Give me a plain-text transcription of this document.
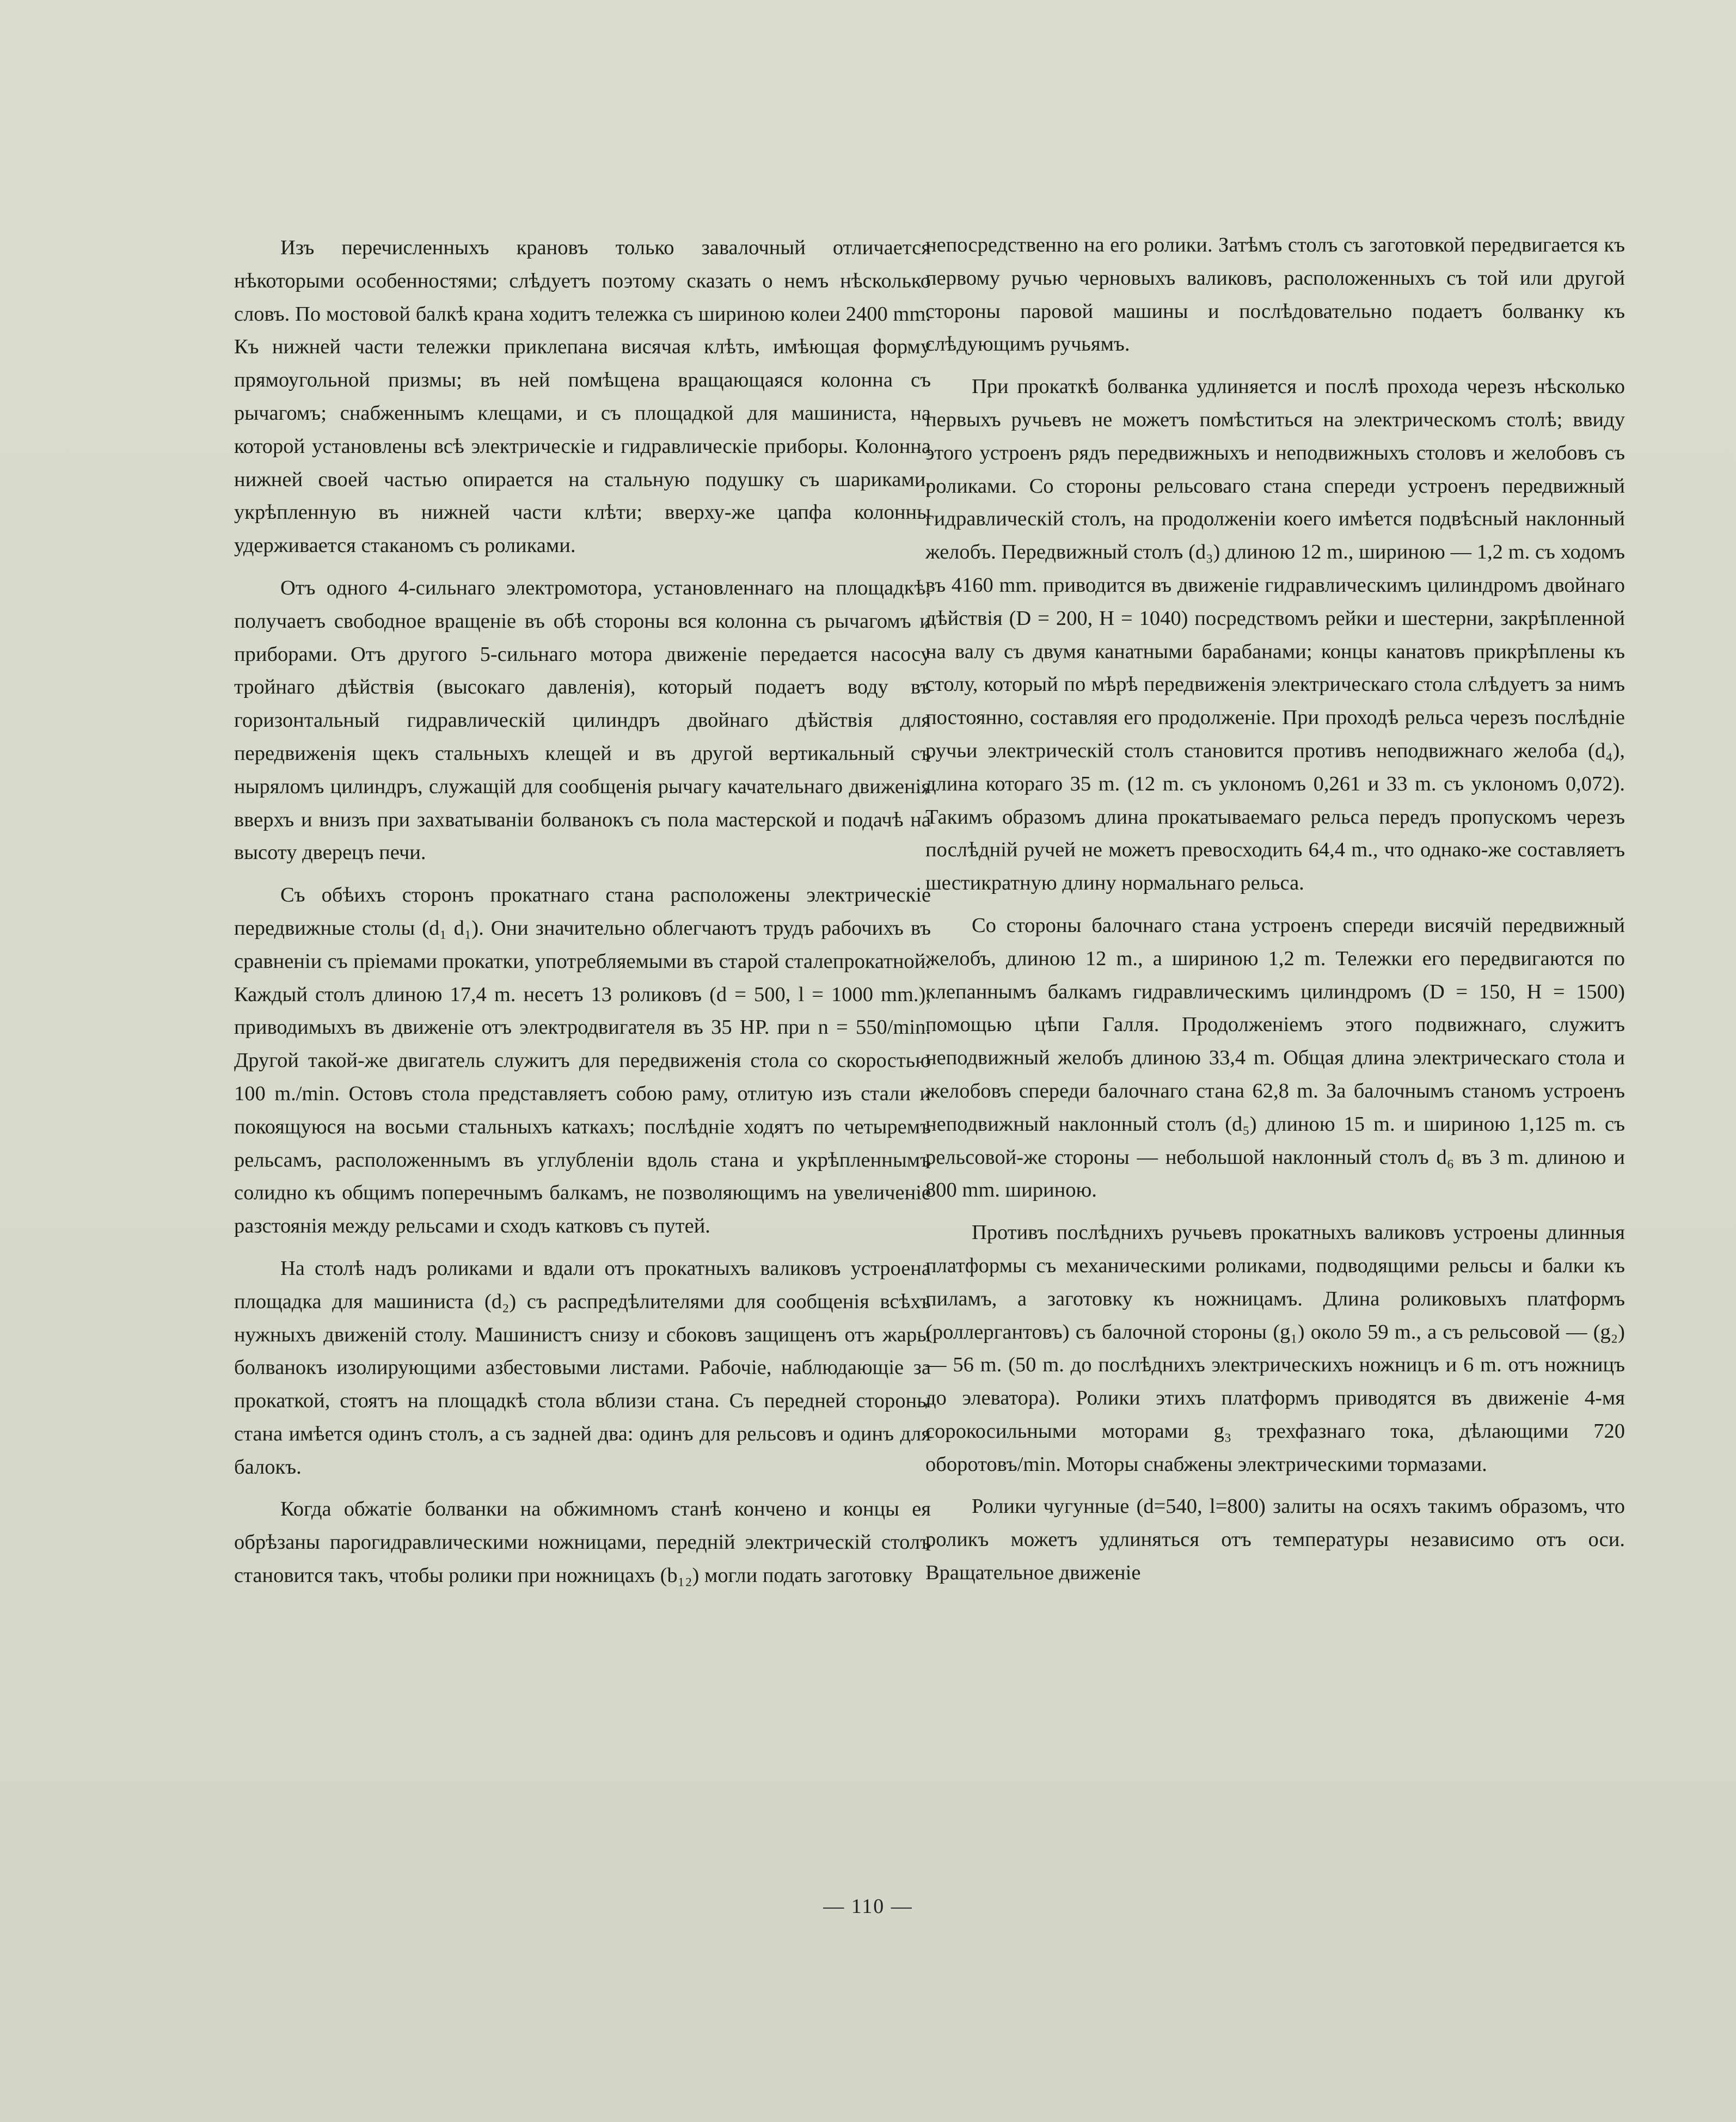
Изъ перечисленныхъ крановъ только завалочный отличается нѣкоторыми особенностями; слѣдуетъ поэтому сказать о немъ нѣсколько словъ. По мостовой балкѣ крана ходитъ тележка съ шириною колеи 2400 mm. Къ нижней части тележки приклепана висячая клѣть, имѣющая форму прямоугольной призмы; въ ней помѣщена вращающаяся колонна съ рычагомъ; снабженнымъ клещами, и съ площадкой для машиниста, на которой установлены всѣ электрическіе и гидравлическіе приборы. Колонна нижней своей частью опирается на стальную подушку съ шариками, укрѣпленную въ нижней части клѣти; вверху-же цапфа колонны удерживается стаканомъ съ роликами.

Отъ одного 4-сильнаго электромотора, установленнаго на площадкѣ, получаетъ свободное вращеніе въ обѣ стороны вся колонна съ рычагомъ и приборами. Отъ другого 5-сильнаго мотора движеніе передается насосу тройнаго дѣйствія (высокаго давленія), который подаетъ воду въ горизонтальный гидравлическій цилиндръ двойнаго дѣйствія для передвиженія щекъ стальныхъ клещей и въ другой вертикальный съ ныряломъ цилиндръ, служащій для сообщенія рычагу качательнаго движенія вверхъ и внизъ при захватываніи болванокъ съ пола мастерской и подачѣ на высоту дверецъ печи.

Съ обѣихъ сторонъ прокатнаго стана расположены электрическіе передвижные столы (d₁ d₁). Они значительно облегчаютъ трудъ рабочихъ въ сравненіи съ пріемами прокатки, употребляемыми въ старой сталепрокатной. Каждый столъ длиною 17,4 m. несетъ 13 роликовъ (d = 500, l = 1000 mm.), приводимыхъ въ движеніе отъ электродвигателя въ 35 HP. при n = 550/min. Другой такой-же двигатель служитъ для передвиженія стола со скоростью 100 m./min. Остовъ стола представляетъ собою раму, отлитую изъ стали и покоящуюся на восьми стальныхъ каткахъ; послѣдніе ходятъ по четыремъ рельсамъ, расположеннымъ въ углубленіи вдоль стана и укрѣпленнымъ солидно къ общимъ поперечнымъ балкамъ, не позволяющимъ на увеличеніе разстоянія между рельсами и сходъ катковъ съ путей.

На столѣ надъ роликами и вдали отъ прокатныхъ валиковъ устроена площадка для машиниста (d₂) съ распредѣлителями для сообщенія всѣхъ нужныхъ движеній столу. Машинистъ снизу и сбоковъ защищенъ отъ жары болванокъ изолирующими азбестовыми листами. Рабочіе, наблюдающіе за прокаткой, стоятъ на площадкѣ стола вблизи стана. Съ передней стороны стана имѣется одинъ столъ, а съ задней два: одинъ для рельсовъ и одинъ для балокъ.

Когда обжатіе болванки на обжимномъ станѣ кончено и концы ея обрѣзаны парогидравлическими ножницами, передній электрическій столъ становится такъ, чтобы ролики при ножницахъ (b₁₂) могли подать заготовку

непосредственно на его ролики. Затѣмъ столъ съ заготовкой передвигается къ первому ручью черновыхъ валиковъ, расположенныхъ съ той или другой стороны паровой машины и послѣдовательно подаетъ болванку къ слѣдующимъ ручьямъ.

При прокаткѣ болванка удлиняется и послѣ прохода черезъ нѣсколько первыхъ ручьевъ не можетъ помѣститься на электрическомъ столѣ; ввиду этого устроенъ рядъ передвижныхъ и неподвижныхъ столовъ и желобовъ съ роликами. Со стороны рельсоваго стана спереди устроенъ передвижный гидравлическій столъ, на продолженіи коего имѣется подвѣсный наклонный желобъ. Передвижный столъ (d₃) длиною 12 m., шириною — 1,2 m. съ ходомъ въ 4160 mm. приводится въ движеніе гидравлическимъ цилиндромъ двойнаго дѣйствія (D = 200, H = 1040) посредствомъ рейки и шестерни, закрѣпленной на валу съ двумя канатными барабанами; концы канатовъ прикрѣплены къ столу, который по мѣрѣ передвиженія электрическаго стола слѣдуетъ за нимъ постоянно, составляя его продолженіе. При проходѣ рельса черезъ послѣдніе ручьи электрическій столъ становится противъ неподвижнаго желоба (d₄), длина котораго 35 m. (12 m. съ уклономъ 0,261 и 33 m. съ уклономъ 0,072). Такимъ образомъ длина прокатываемаго рельса передъ пропускомъ черезъ послѣдній ручей не можетъ превосходить 64,4 m., что однако-же составляетъ шестикратную длину нормальнаго рельса.

Со стороны балочнаго стана устроенъ спереди висячій передвижный желобъ, длиною 12 m., а шириною 1,2 m. Тележки его передвигаются по клепаннымъ балкамъ гидравлическимъ цилиндромъ (D = 150, H = 1500) помощью цѣпи Галля. Продолженіемъ этого подвижнаго, служитъ неподвижный желобъ длиною 33,4 m. Общая длина электрическаго стола и желобовъ спереди балочнаго стана 62,8 m. За балочнымъ станомъ устроенъ неподвижный наклонный столъ (d₅) длиною 15 m. и шириною 1,125 m. съ рельсовой-же стороны — небольшой наклонный столъ d₆ въ 3 m. длиною и 800 mm. шириною.

Противъ послѣднихъ ручьевъ прокатныхъ валиковъ устроены длинныя платформы съ механическими роликами, подводящими рельсы и балки къ пиламъ, а заготовку къ ножницамъ. Длина роликовыхъ платформъ (роллергантовъ) съ балочной стороны (g₁) около 59 m., а съ рельсовой — (g₂) — 56 m. (50 m. до послѣднихъ электрическихъ ножницъ и 6 m. отъ ножницъ до элеватора). Ролики этихъ платформъ приводятся въ движеніе 4-мя сорокосильными моторами g₃ трехфазнаго тока, дѣлающими 720 оборотовъ/min. Моторы снабжены электрическими тормазами.

Ролики чугунные (d=540, l=800) залиты на осяхъ такимъ образомъ, что роликъ можетъ удлиняться отъ температуры независимо отъ оси. Вращательное движеніе

— 110 —
